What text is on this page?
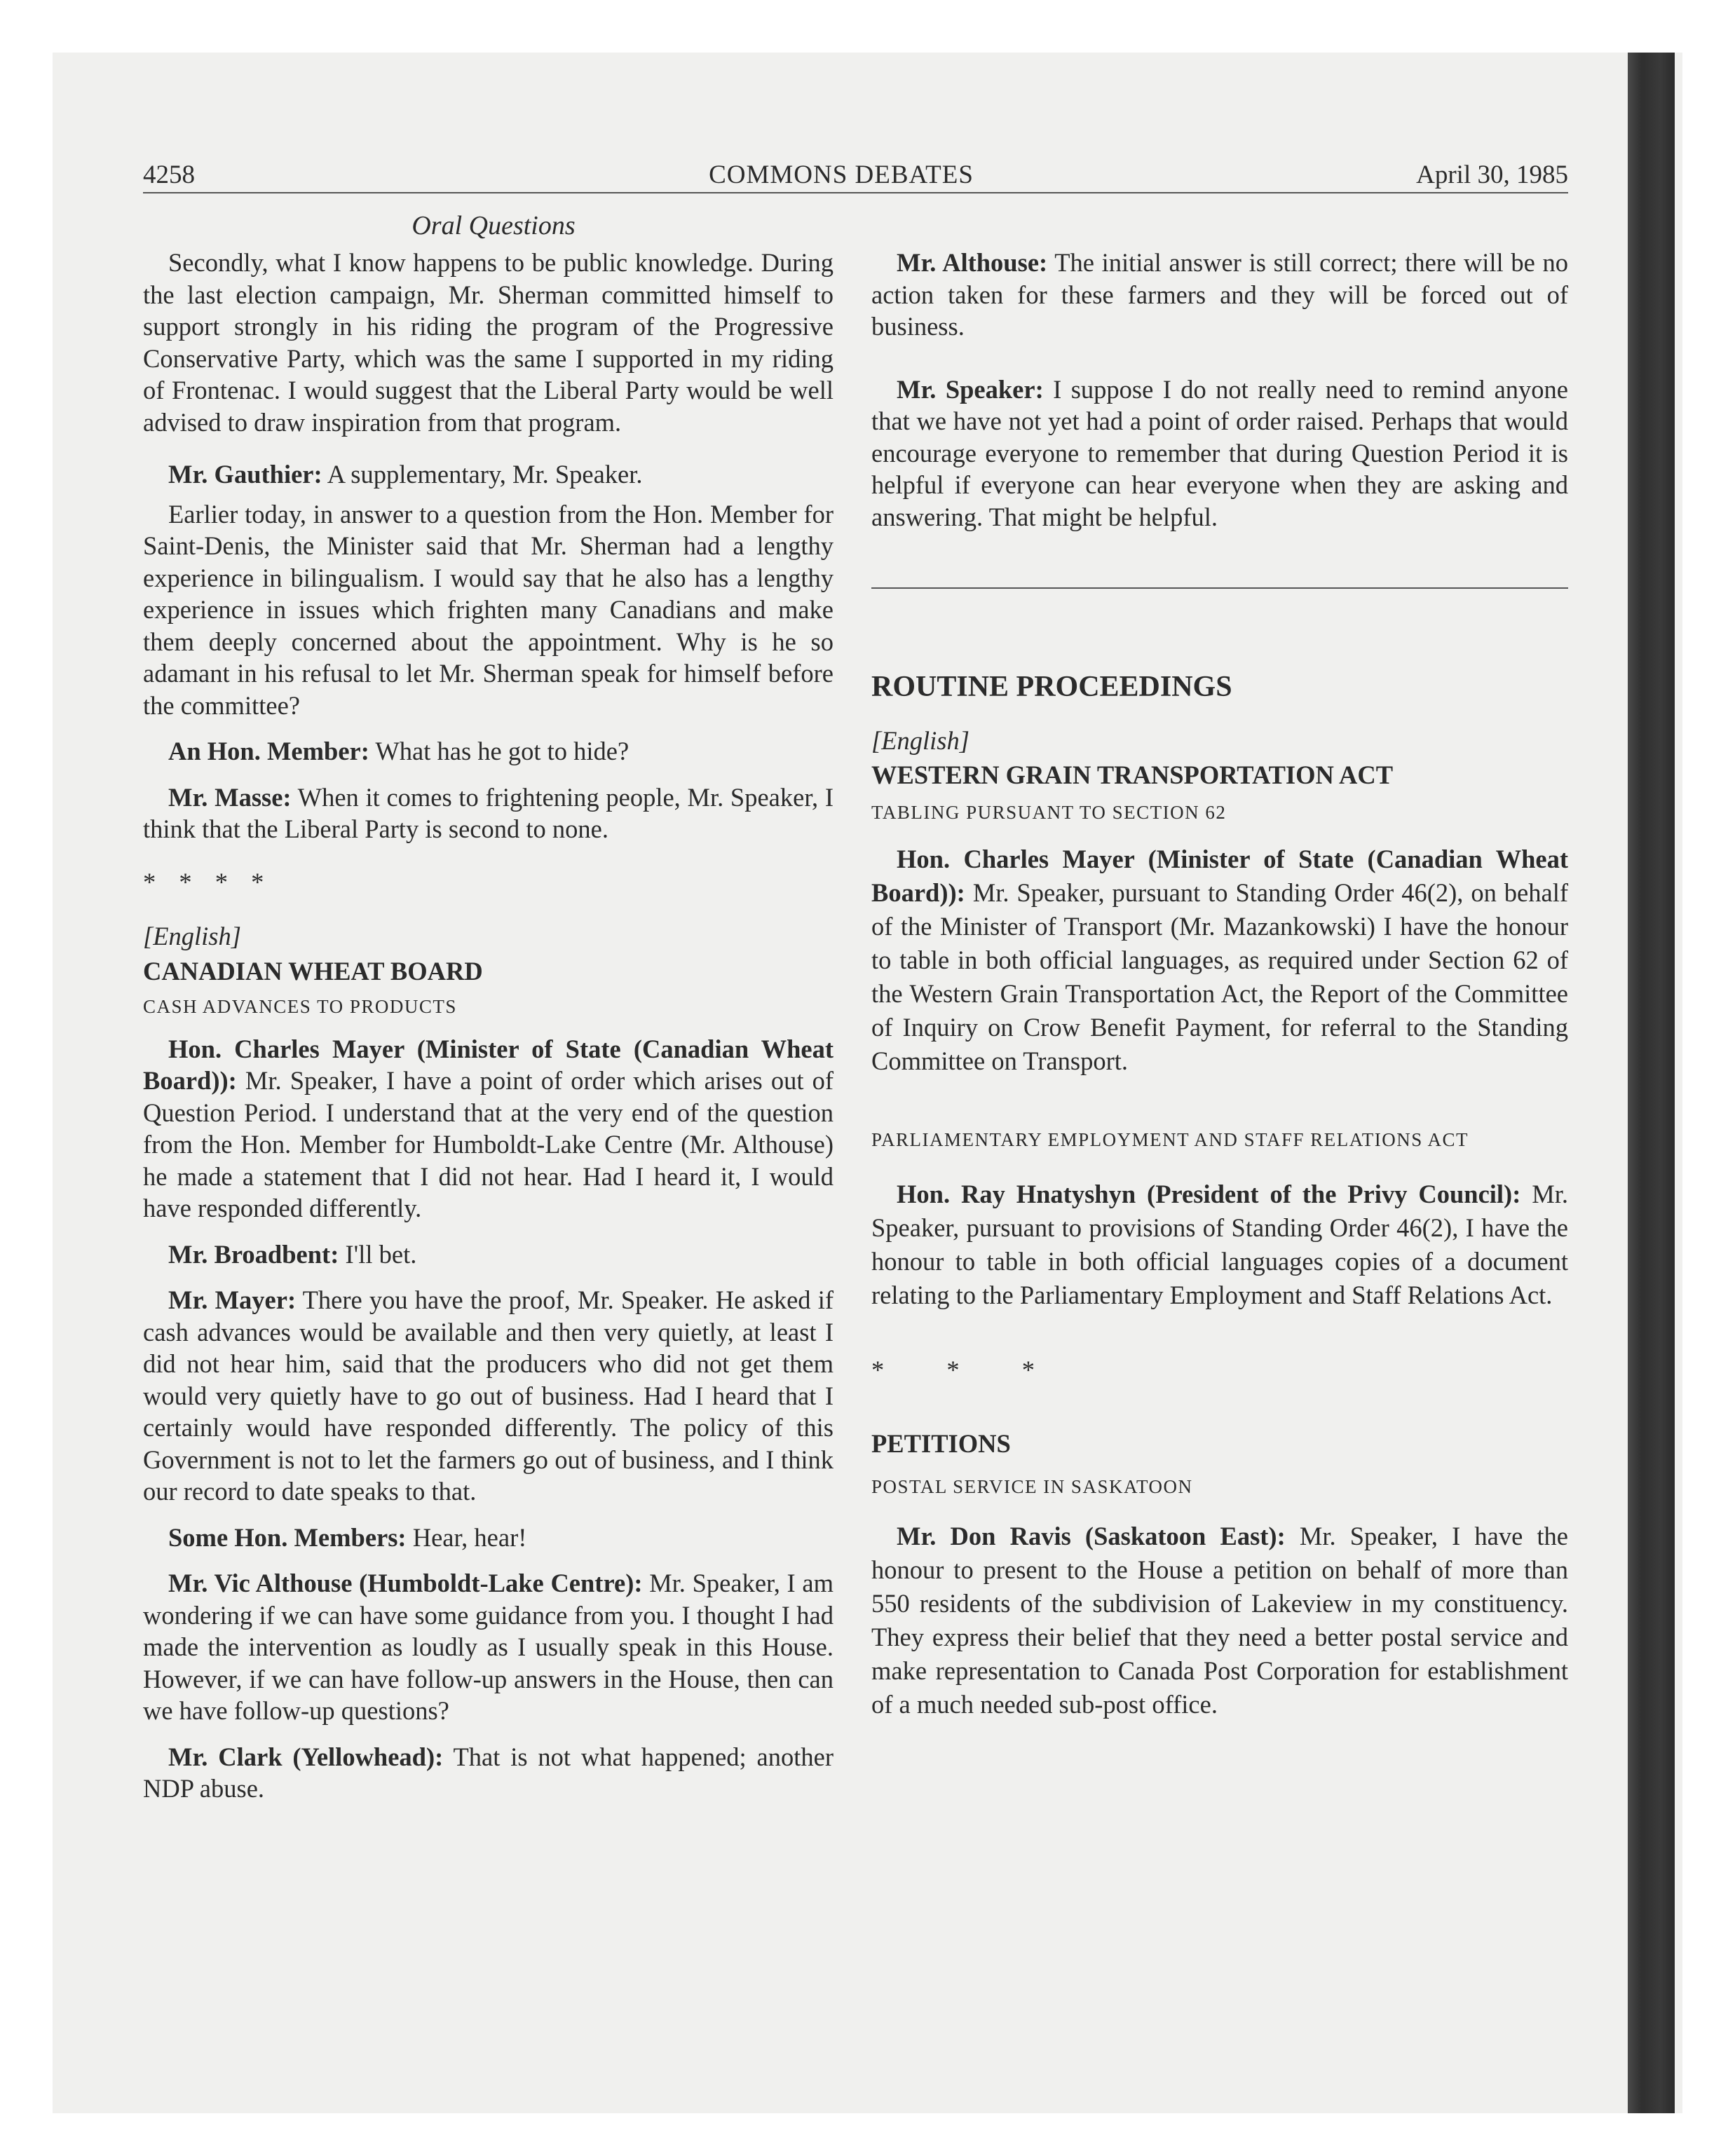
4258	COMMONS DEBATES	April 30, 1985
Oral Questions

Secondly, what I know happens to be public knowledge. During the last election campaign, Mr. Sherman committed himself to support strongly in his riding the program of the Progressive Conservative Party, which was the same I supported in my riding of Frontenac. I would suggest that the Liberal Party would be well advised to draw inspiration from that program.

Mr. Gauthier: A supplementary, Mr. Speaker.

Earlier today, in answer to a question from the Hon. Member for Saint-Denis, the Minister said that Mr. Sherman had a lengthy experience in bilingualism. I would say that he also has a lengthy experience in issues which frighten many Canadians and make them deeply concerned about the appointment. Why is he so adamant in his refusal to let Mr. Sherman speak for himself before the committee?

An Hon. Member: What has he got to hide?

Mr. Masse: When it comes to frightening people, Mr. Speaker, I think that the Liberal Party is second to none.

* * * *

[English]

CANADIAN WHEAT BOARD

CASH ADVANCES TO PRODUCTS

Hon. Charles Mayer (Minister of State (Canadian Wheat Board)): Mr. Speaker, I have a point of order which arises out of Question Period. I understand that at the very end of the question from the Hon. Member for Humboldt-Lake Centre (Mr. Althouse) he made a statement that I did not hear. Had I heard it, I would have responded differently.

Mr. Broadbent: I'll bet.

Mr. Mayer: There you have the proof, Mr. Speaker. He asked if cash advances would be available and then very quietly, at least I did not hear him, said that the producers who did not get them would very quietly have to go out of business. Had I heard that I certainly would have responded differently. The policy of this Government is not to let the farmers go out of business, and I think our record to date speaks to that.

Some Hon. Members: Hear, hear!

Mr. Vic Althouse (Humboldt-Lake Centre): Mr. Speaker, I am wondering if we can have some guidance from you. I thought I had made the intervention as loudly as I usually speak in this House. However, if we can have follow-up answers in the House, then can we have follow-up questions?

Mr. Clark (Yellowhead): That is not what happened; another NDP abuse.

Mr. Althouse: The initial answer is still correct; there will be no action taken for these farmers and they will be forced out of business.

Mr. Speaker: I suppose I do not really need to remind anyone that we have not yet had a point of order raised. Perhaps that would encourage everyone to remember that during Question Period it is helpful if everyone can hear everyone when they are asking and answering. That might be helpful.

ROUTINE PROCEEDINGS

[English]

WESTERN GRAIN TRANSPORTATION ACT

TABLING PURSUANT TO SECTION 62

Hon. Charles Mayer (Minister of State (Canadian Wheat Board)): Mr. Speaker, pursuant to Standing Order 46(2), on behalf of the Minister of Transport (Mr. Mazankowski) I have the honour to table in both official languages, as required under Section 62 of the Western Grain Transportation Act, the Report of the Committee of Inquiry on Crow Benefit Payment, for referral to the Standing Committee on Transport.

PARLIAMENTARY EMPLOYMENT AND STAFF RELATIONS ACT

Hon. Ray Hnatyshyn (President of the Privy Council): Mr. Speaker, pursuant to provisions of Standing Order 46(2), I have the honour to table in both official languages copies of a document relating to the Parliamentary Employment and Staff Relations Act.

* * *

PETITIONS

POSTAL SERVICE IN SASKATOON

Mr. Don Ravis (Saskatoon East): Mr. Speaker, I have the honour to present to the House a petition on behalf of more than 550 residents of the subdivision of Lakeview in my constituency. They express their belief that they need a better postal service and make representation to Canada Post Corporation for establishment of a much needed sub-post office.
